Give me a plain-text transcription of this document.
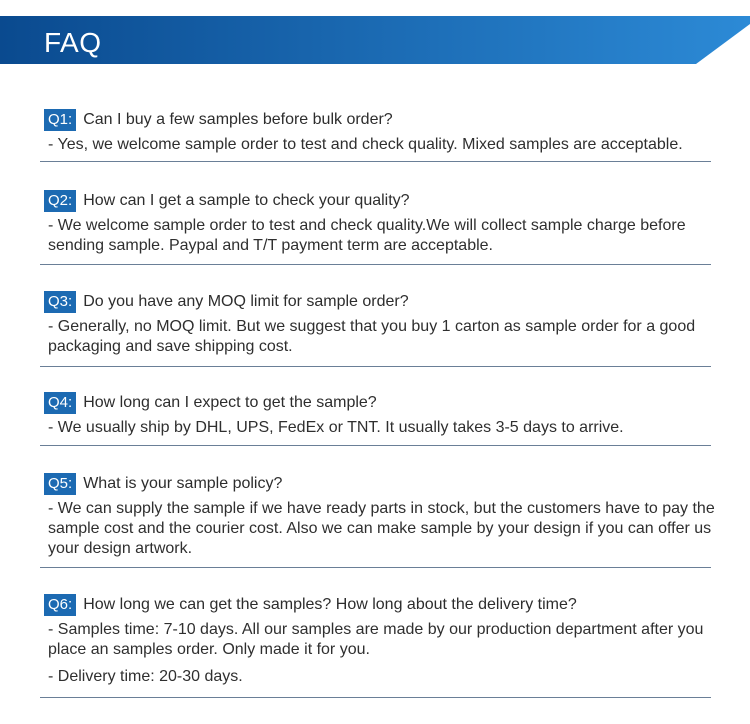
FAQ
Q1: Can I buy a few samples before bulk order?

- Yes, we welcome sample order to test and check quality. Mixed samples are acceptable.

Q2: How can I get a sample to check your quality?

- We welcome sample order to test and check quality.We will collect sample charge before sending sample. Paypal and T/T payment term are acceptable.

Q3: Do you have any MOQ limit for sample order?

- Generally, no MOQ limit. But we suggest that you buy 1 carton as sample order for a good packaging and save shipping cost.

Q4: How long can I expect to get the sample?

- We usually ship by DHL, UPS, FedEx or TNT. It usually takes 3-5 days to arrive.

Q5: What is your sample policy?

- We can supply the sample if we have ready parts in stock, but the customers have to pay the sample cost and the courier cost. Also we can make sample by your design if you can offer us your design artwork.

Q6: How long we can get the samples? How long about the delivery time?

- Samples time: 7-10 days. All our samples are made by our production department after you place an samples order. Only made it for you.

- Delivery time: 20-30 days.
